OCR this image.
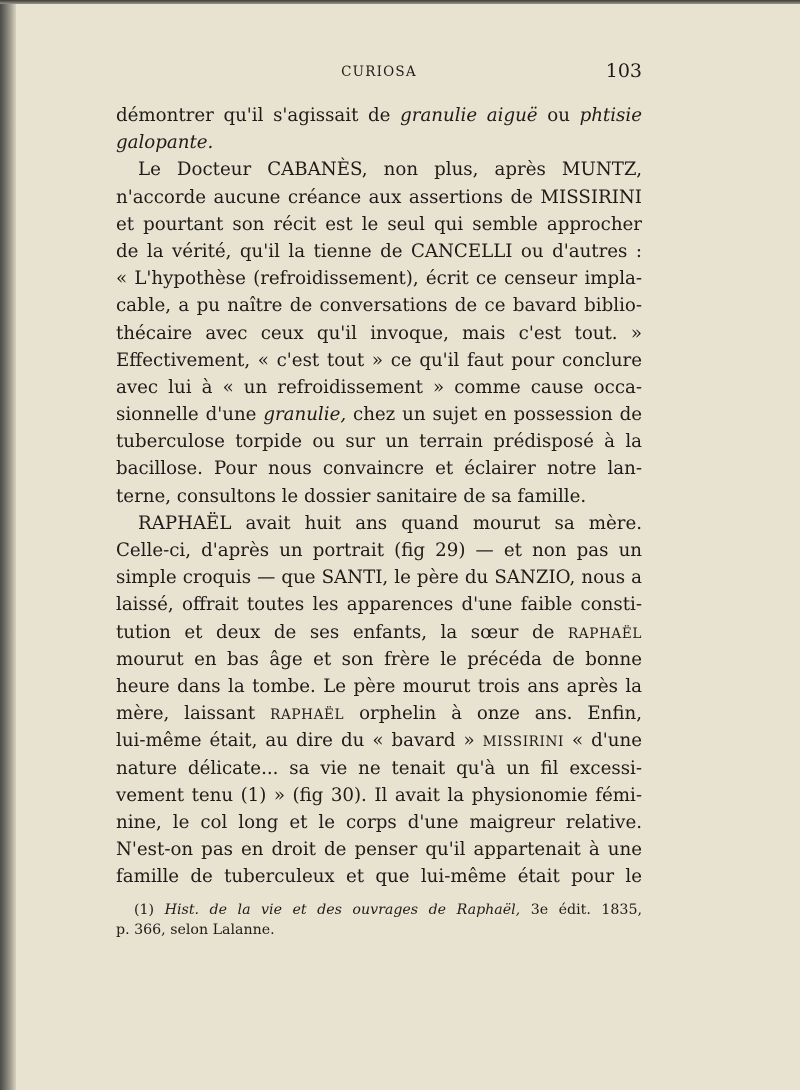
CURIOSA	103
démontrer qu'il s'agissait de granulie aiguë ou phtisie
galopante.
Le Docteur CABANÈS, non plus, après MUNTZ,
n'accorde aucune créance aux assertions de MISSIRINI
et pourtant son récit est le seul qui semble approcher
de la vérité, qu'il la tienne de CANCELLI ou d'autres :
« L'hypothèse (refroidissement), écrit ce censeur impla-
cable, a pu naître de conversations de ce bavard biblio-
thécaire avec ceux qu'il invoque, mais c'est tout. »
Effectivement, « c'est tout » ce qu'il faut pour conclure
avec lui à « un refroidissement » comme cause occa-
sionnelle d'une granulie, chez un sujet en possession de
tuberculose torpide ou sur un terrain prédisposé à la
bacillose. Pour nous convaincre et éclairer notre lan-
terne, consultons le dossier sanitaire de sa famille.
RAPHAËL avait huit ans quand mourut sa mère.
Celle-ci, d'après un portrait (fig 29) — et non pas un
simple croquis — que SANTI, le père du SANZIO, nous a
laissé, offrait toutes les apparences d'une faible consti-
tution et deux de ses enfants, la sœur de RAPHAËL
mourut en bas âge et son frère le précéda de bonne
heure dans la tombe. Le père mourut trois ans après la
mère, laissant RAPHAËL orphelin à onze ans. Enfin,
lui-même était, au dire du « bavard » MISSIRINI « d'une
nature délicate... sa vie ne tenait qu'à un fil excessi-
vement tenu (1) » (fig 30). Il avait la physionomie fémi-
nine, le col long et le corps d'une maigreur relative.
N'est-on pas en droit de penser qu'il appartenait à une
famille de tuberculeux et que lui-même était pour le
(1) Hist. de la vie et des ouvrages de Raphaël, 3e édit. 1835,
p. 366, selon Lalanne.
